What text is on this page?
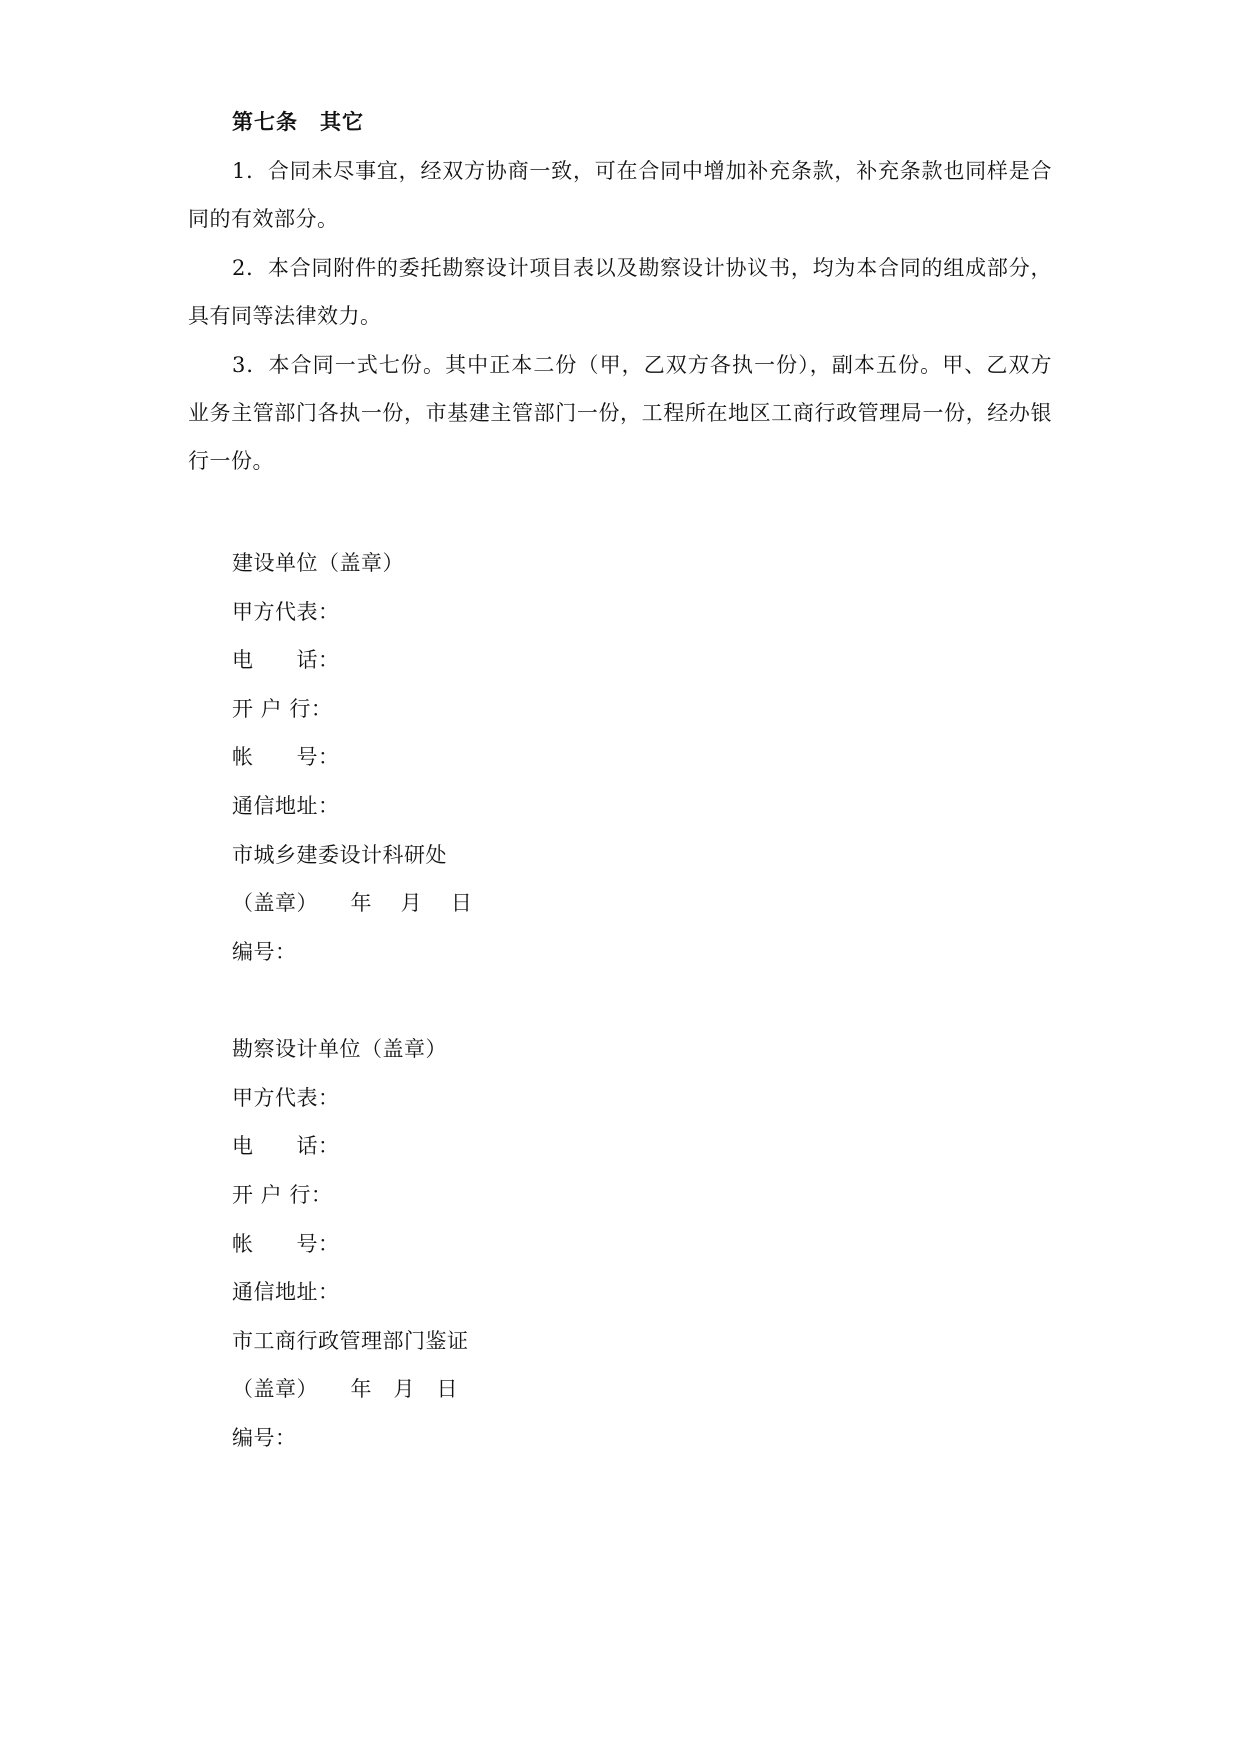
第七条　其它
1．合同未尽事宜，经双方协商一致，可在合同中增加补充条款，补充条款也同样是合同的有效部分。
2．本合同附件的委托勘察设计项目表以及勘察设计协议书，均为本合同的组成部分，具有同等法律效力。
3．本合同一式七份。其中正本二份（甲，乙双方各执一份），副本五份。甲、乙双方业务主管部门各执一份，市基建主管部门一份，工程所在地区工商行政管理局一份，经办银行一份。
建设单位（盖章）
甲方代表：
电　　话：
开 户 行：
帐　　号：
通信地址：
市城乡建委设计科研处
（盖章）　　年　 月　 日
编号：
勘察设计单位（盖章）
甲方代表：
电　　话：
开 户 行：
帐　　号：
通信地址：
市工商行政管理部门鉴证
（盖章）　　年　月　日
编号：
